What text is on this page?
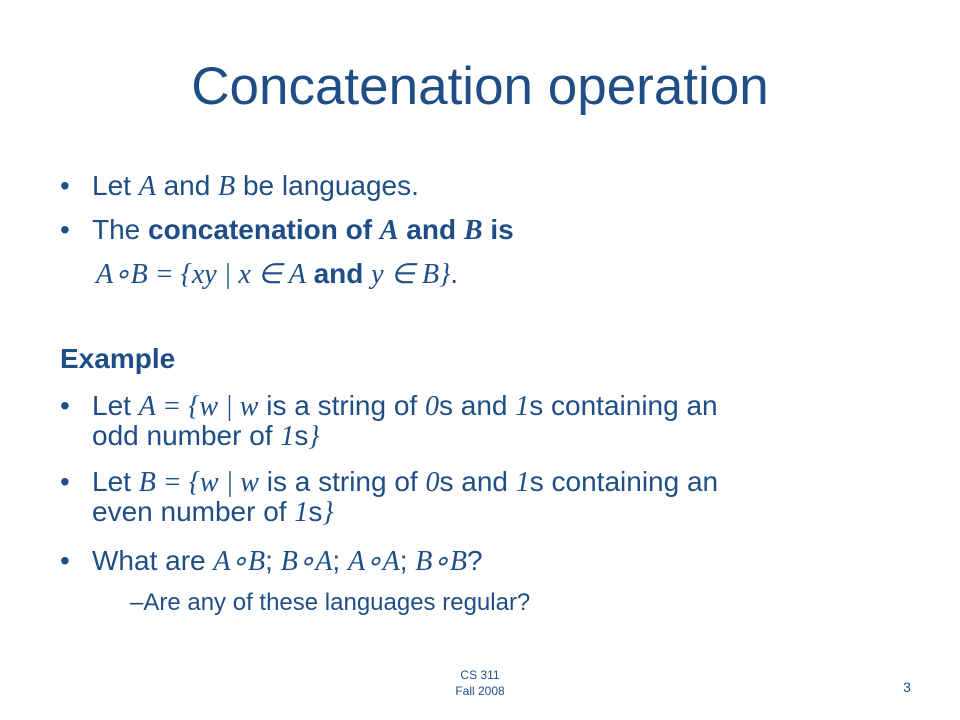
Concatenation operation
• Let A and B be languages.
• The concatenation of A and B is
A∘B = {xy | x ∈ A and y ∈ B}.
Example
• Let A = {w | w is a string of 0s and 1s containing an
odd number of 1s}
• Let B = {w | w is a string of 0s and 1s containing an
even number of 1s}
• What are A∘B; B∘A; A∘A; B∘B?
–Are any of these languages regular?
CS 311
Fall 2008	3
